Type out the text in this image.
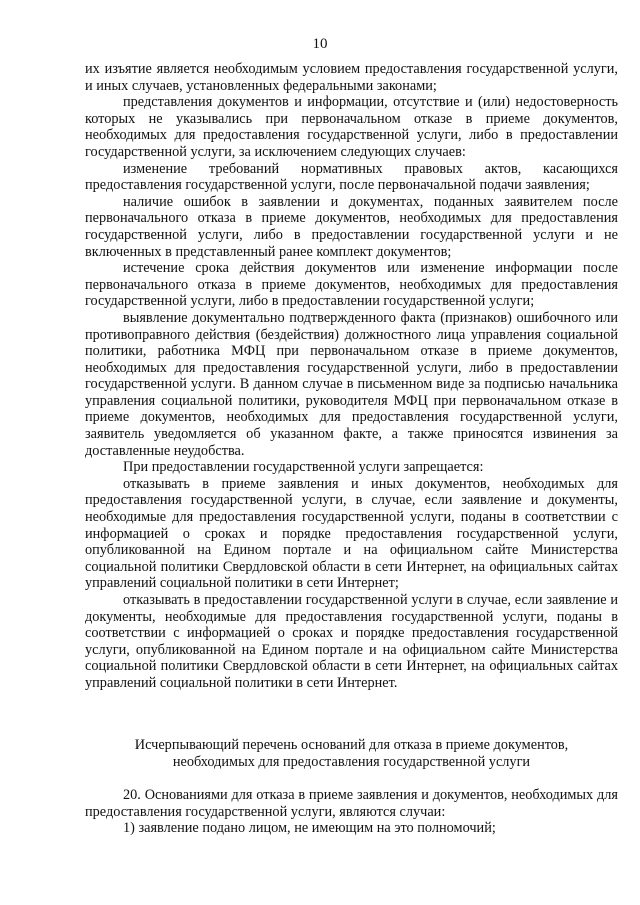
10

их изъятие является необходимым условием предоставления государственной услуги, и иных случаев, установленных федеральными законами;

представления документов и информации, отсутствие и (или) недостоверность которых не указывались при первоначальном отказе в приеме документов, необходимых для предоставления государственной услуги, либо в предоставлении государственной услуги, за исключением следующих случаев:

изменение требований нормативных правовых актов, касающихся предоставления государственной услуги, после первоначальной подачи заявления;

наличие ошибок в заявлении и документах, поданных заявителем после первоначального отказа в приеме документов, необходимых для предоставления государственной услуги, либо в предоставлении государственной услуги и не включенных в представленный ранее комплект документов;

истечение срока действия документов или изменение информации после первоначального отказа в приеме документов, необходимых для предоставления государственной услуги, либо в предоставлении государственной услуги;

выявление документально подтвержденного факта (признаков) ошибочного или противоправного действия (бездействия) должностного лица управления социальной политики, работника МФЦ при первоначальном отказе в приеме документов, необходимых для предоставления государственной услуги, либо в предоставлении государственной услуги. В данном случае в письменном виде за подписью начальника управления социальной политики, руководителя МФЦ при первоначальном отказе в приеме документов, необходимых для предоставления государственной услуги, заявитель уведомляется об указанном факте, а также приносятся извинения за доставленные неудобства.

При предоставлении государственной услуги запрещается:

отказывать в приеме заявления и иных документов, необходимых для предоставления государственной услуги, в случае, если заявление и документы, необходимые для предоставления государственной услуги, поданы в соответствии с информацией о сроках и порядке предоставления государственной услуги, опубликованной на Едином портале и на официальном сайте Министерства социальной политики Свердловской области в сети Интернет, на официальных сайтах управлений социальной политики в сети Интернет;

отказывать в предоставлении государственной услуги в случае, если заявление и документы, необходимые для предоставления государственной услуги, поданы в соответствии с информацией о сроках и порядке предоставления государственной услуги, опубликованной на Едином портале и на официальном сайте Министерства социальной политики Свердловской области в сети Интернет, на официальных сайтах управлений социальной политики в сети Интернет.

Исчерпывающий перечень оснований для отказа в приеме документов,
необходимых для предоставления государственной услуги

20. Основаниями для отказа в приеме заявления и документов, необходимых для предоставления государственной услуги, являются случаи:

1) заявление подано лицом, не имеющим на это полномочий;
